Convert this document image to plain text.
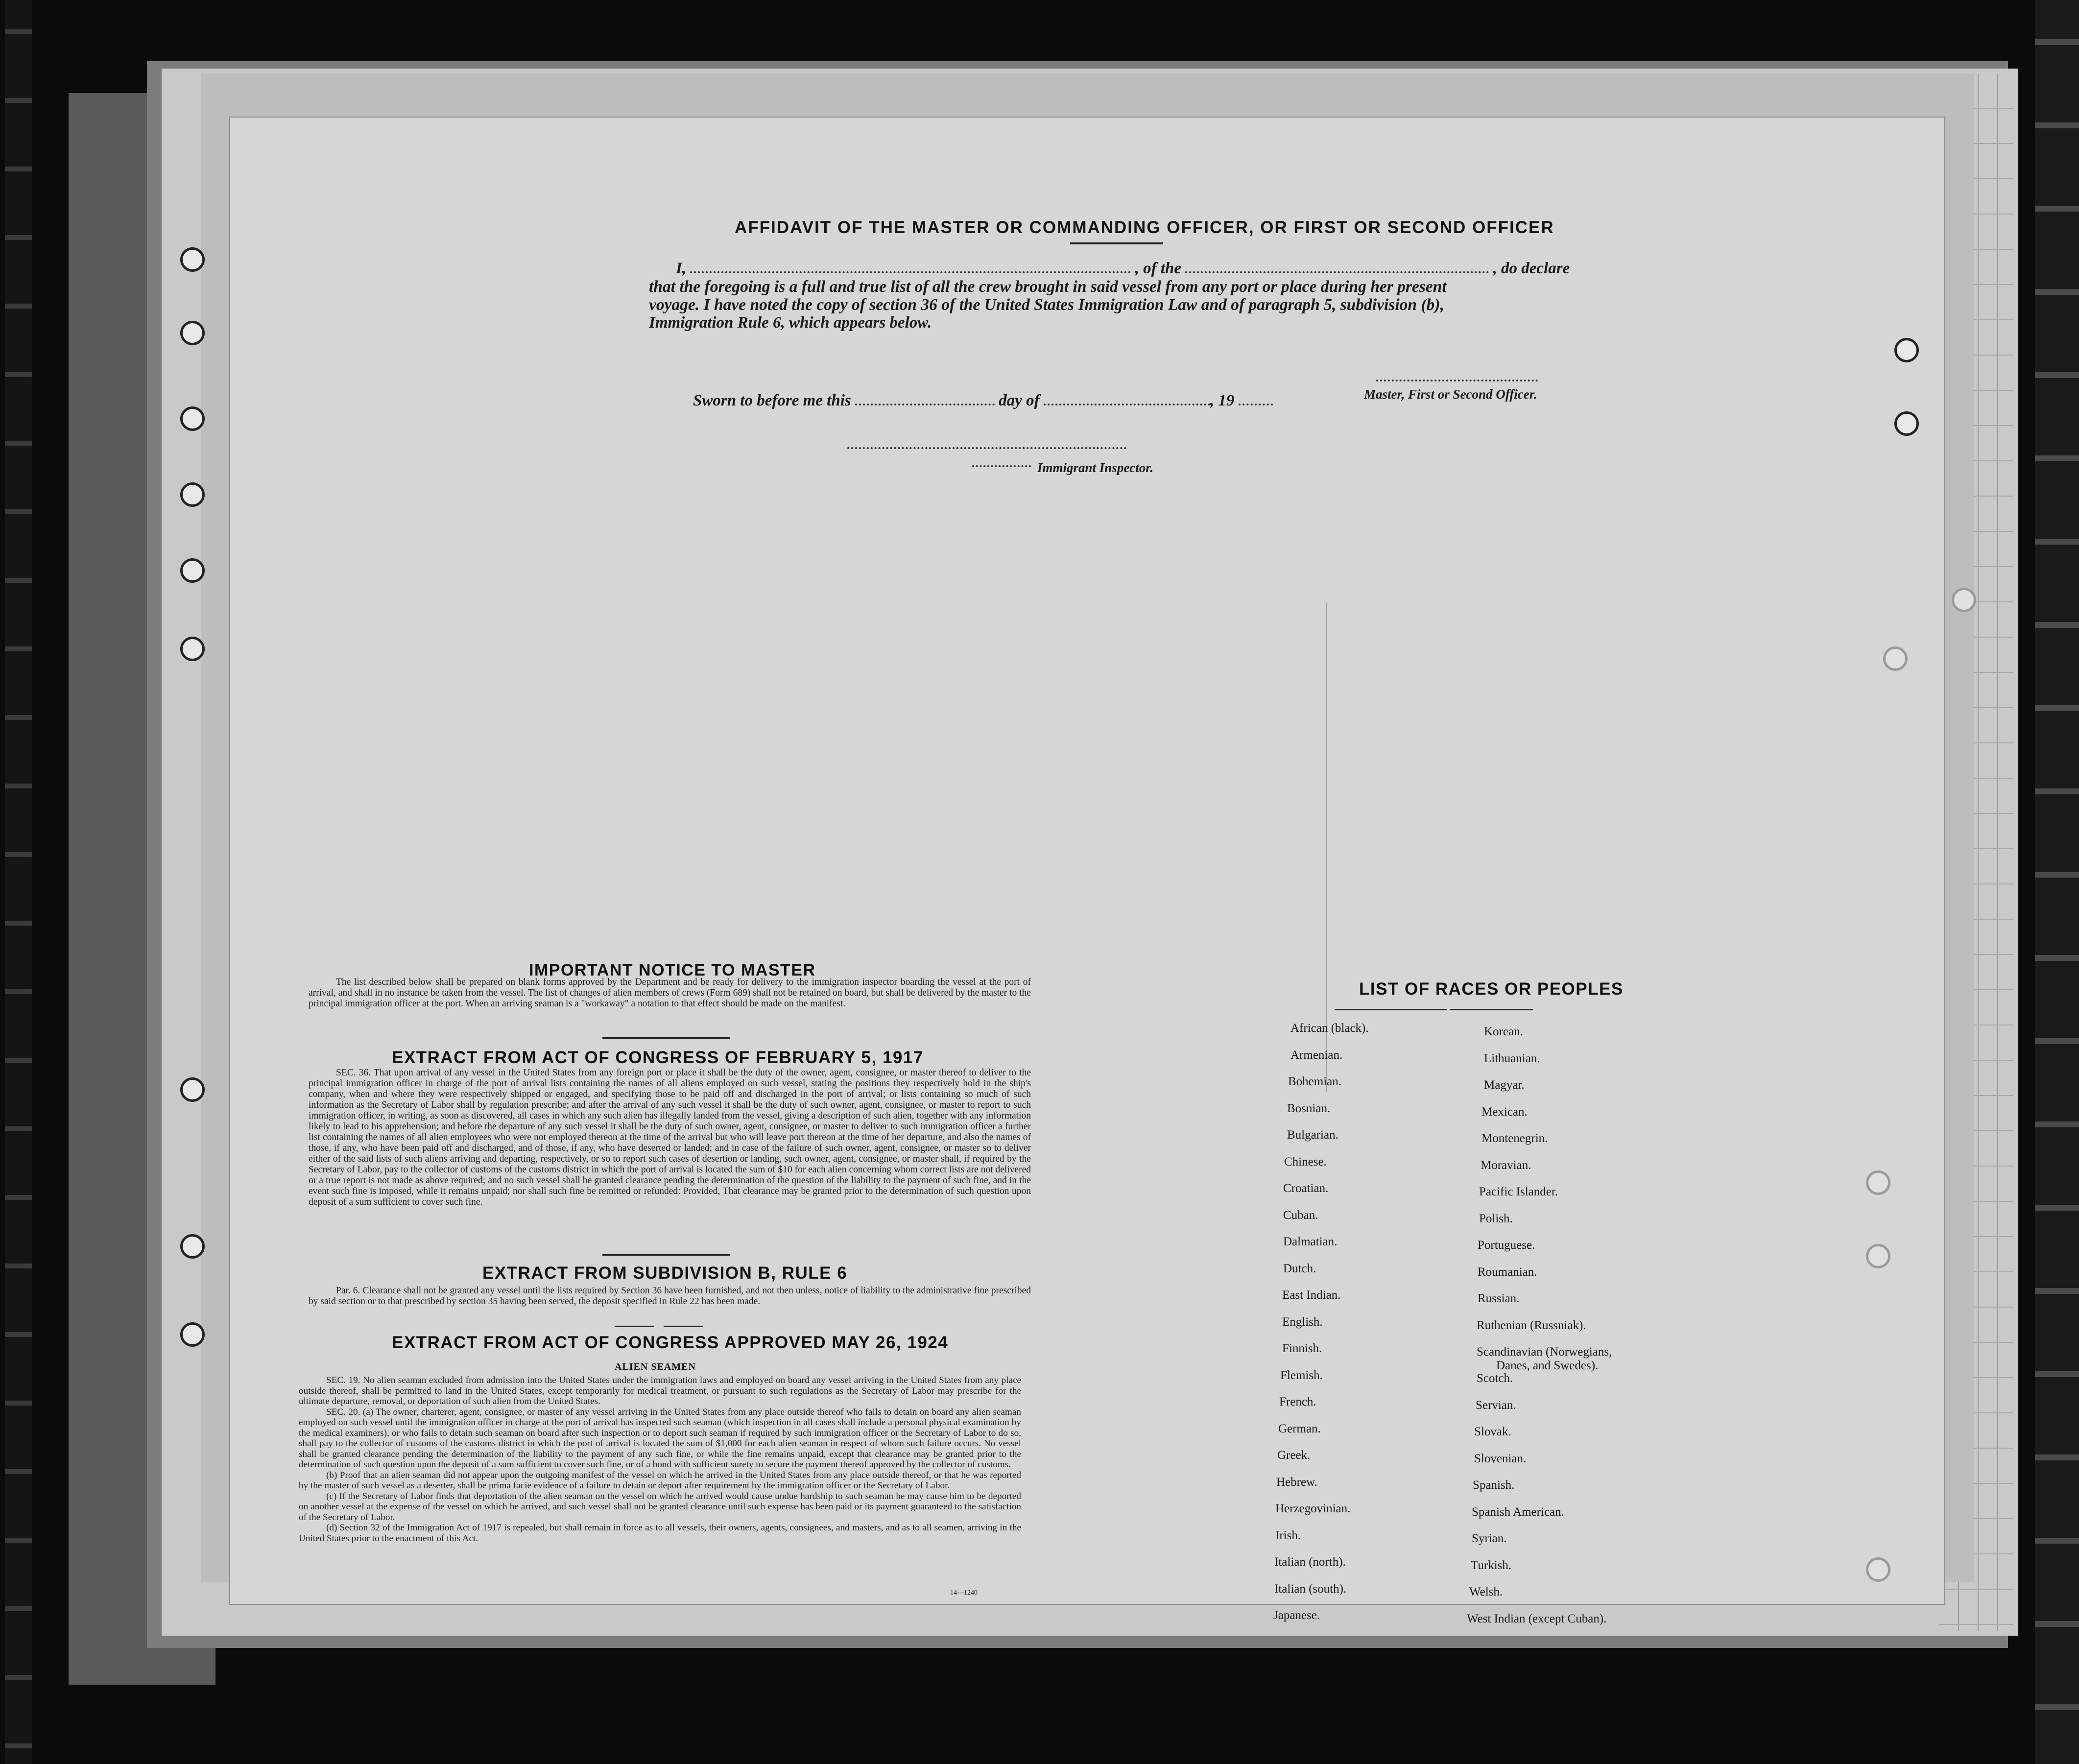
AFFIDAVIT OF THE MASTER OR COMMANDING OFFICER, OR FIRST OR SECOND OFFICER
I,	, of the	, do declare
that the foregoing is a full and true list of all the crew brought in said vessel from any port or place during her present
voyage. I have noted the copy of section 36 of the United States Immigration Law and of paragraph 5, subdivision (b),
Immigration Rule 6, which appears below.
Master, First or Second Officer.
Sworn to before me this	day of	, 19
Immigrant Inspector.
IMPORTANT NOTICE TO MASTER

The list described below shall be prepared on blank forms approved by the Department and be ready for delivery to the immigration inspector boarding the vessel at the port of arrival, and shall in no instance be taken from the vessel. The list of changes of alien members of crews (Form 689) shall not be retained on board, but shall be delivered by the master to the principal immigration officer at the port. When an arriving seaman is a "workaway" a notation to that effect should be made on the manifest.

EXTRACT FROM ACT OF CONGRESS OF FEBRUARY 5, 1917

SEC. 36. That upon arrival of any vessel in the United States from any foreign port or place it shall be the duty of the owner, agent, consignee, or master thereof to deliver to the principal immigration officer in charge of the port of arrival lists containing the names of all aliens employed on such vessel, stating the positions they respectively hold in the ship's company, when and where they were respectively shipped or engaged, and specifying those to be paid off and discharged in the port of arrival; or lists containing so much of such information as the Secretary of Labor shall by regulation prescribe; and after the arrival of any such vessel it shall be the duty of such owner, agent, consignee, or master to report to such immigration officer, in writing, as soon as discovered, all cases in which any such alien has illegally landed from the vessel, giving a description of such alien, together with any information likely to lead to his apprehension; and before the departure of any such vessel it shall be the duty of such owner, agent, consignee, or master to deliver to such immigration officer a further list containing the names of all alien employees who were not employed thereon at the time of the arrival but who will leave port thereon at the time of her departure, and also the names of those, if any, who have been paid off and discharged, and of those, if any, who have deserted or landed; and in case of the failure of such owner, agent, consignee, or master so to deliver either of the said lists of such aliens arriving and departing, respectively, or so to report such cases of desertion or landing, such owner, agent, consignee, or master shall, if required by the Secretary of Labor, pay to the collector of customs of the customs district in which the port of arrival is located the sum of $10 for each alien concerning whom correct lists are not delivered or a true report is not made as above required; and no such vessel shall be granted clearance pending the determination of the question of the liability to the payment of such fine, and in the event such fine is imposed, while it remains unpaid; nor shall such fine be remitted or refunded: Provided, That clearance may be granted prior to the determination of such question upon deposit of a sum sufficient to cover such fine.

EXTRACT FROM SUBDIVISION B, RULE 6

Par. 6. Clearance shall not be granted any vessel until the lists required by Section 36 have been furnished, and not then unless, notice of liability to the administrative fine prescribed by said section or to that prescribed by section 35 having been served, the deposit specified in Rule 22 has been made.

EXTRACT FROM ACT OF CONGRESS APPROVED MAY 26, 1924
ALIEN SEAMEN

SEC. 19. No alien seaman excluded from admission into the United States under the immigration laws and employed on board any vessel arriving in the United States from any place outside thereof, shall be permitted to land in the United States, except temporarily for medical treatment, or pursuant to such regulations as the Secretary of Labor may prescribe for the ultimate departure, removal, or deportation of such alien from the United States.

SEC. 20. (a) The owner, charterer, agent, consignee, or master of any vessel arriving in the United States from any place outside thereof who fails to detain on board any alien seaman employed on such vessel until the immigration officer in charge at the port of arrival has inspected such seaman (which inspection in all cases shall include a personal physical examination by the medical examiners), or who fails to detain such seaman on board after such inspection or to deport such seaman if required by such immigration officer or the Secretary of Labor to do so, shall pay to the collector of customs of the customs district in which the port of arrival is located the sum of $1,000 for each alien seaman in respect of whom such failure occurs. No vessel shall be granted clearance pending the determination of the liability to the payment of any such fine, or while the fine remains unpaid, except that clearance may be granted prior to the determination of such question upon the deposit of a sum sufficient to cover such fine, or of a bond with sufficient surety to secure the payment thereof approved by the collector of customs.

(b) Proof that an alien seaman did not appear upon the outgoing manifest of the vessel on which he arrived in the United States from any place outside thereof, or that he was reported by the master of such vessel as a deserter, shall be prima facie evidence of a failure to detain or deport after requirement by the immigration officer or the Secretary of Labor.

(c) If the Secretary of Labor finds that deportation of the alien seaman on the vessel on which he arrived would cause undue hardship to such seaman he may cause him to be deported on another vessel at the expense of the vessel on which he arrived, and such vessel shall not be granted clearance until such expense has been paid or its payment guaranteed to the satisfaction of the Secretary of Labor.

(d) Section 32 of the Immigration Act of 1917 is repealed, but shall remain in force as to all vessels, their owners, agents, consignees, and masters, and as to all seamen, arriving in the United States prior to the enactment of this Act.

14—1240
LIST OF RACES OR PEOPLES
African (black).
Armenian.
Bohemian.
Bosnian.
Bulgarian.
Chinese.
Croatian.
Cuban.
Dalmatian.
Dutch.
East Indian.
English.
Finnish.
Flemish.
French.
German.
Greek.
Hebrew.
Herzegovinian.
Irish.
Italian (north).
Italian (south).
Japanese.
Korean.
Lithuanian.
Magyar.
Mexican.
Montenegrin.
Moravian.
Pacific Islander.
Polish.
Portuguese.
Roumanian.
Russian.
Ruthenian (Russniak).
Scandinavian (Norwegians,
Danes, and Swedes).
Scotch.
Servian.
Slovak.
Slovenian.
Spanish.
Spanish American.
Syrian.
Turkish.
Welsh.
West Indian (except Cuban).
